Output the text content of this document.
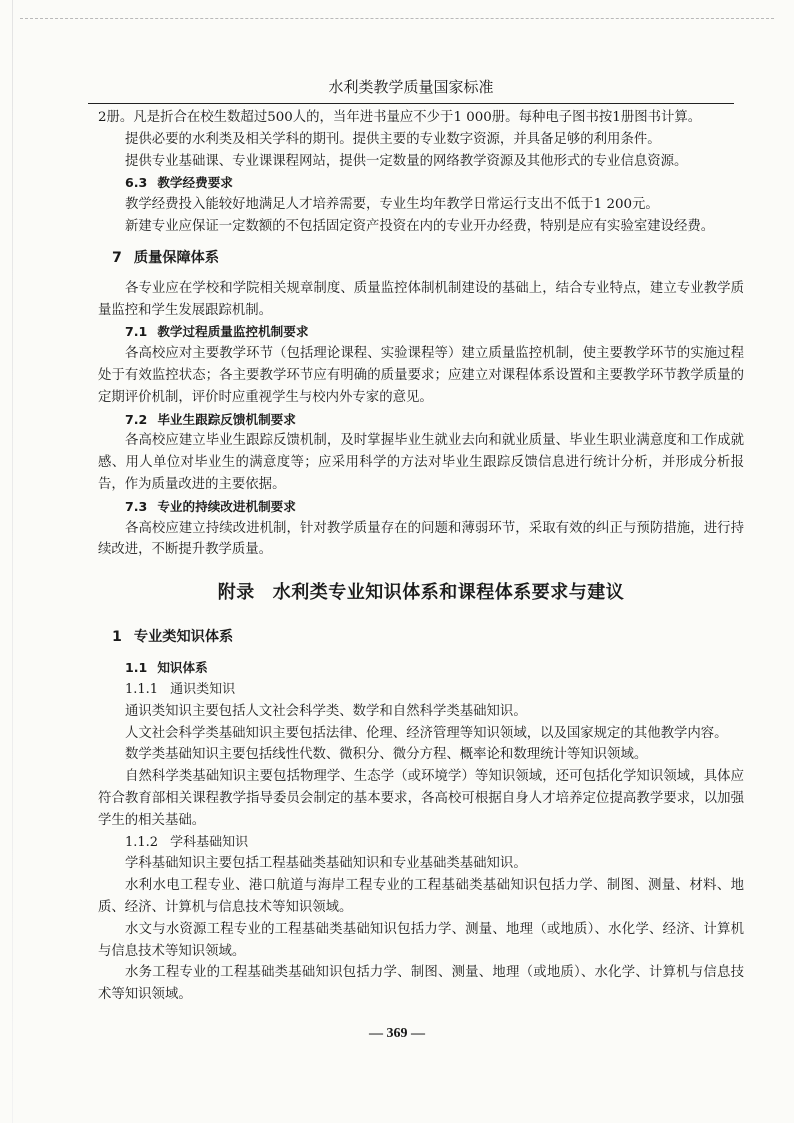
水利类教学质量国家标准

2册。凡是折合在校生数超过500人的，当年进书量应不少于1 000册。每种电子图书按1册图书计算。

提供必要的水利类及相关学科的期刊。提供主要的专业数字资源，并具备足够的利用条件。

提供专业基础课、专业课课程网站，提供一定数量的网络教学资源及其他形式的专业信息资源。

6.3 教学经费要求

教学经费投入能较好地满足人才培养需要，专业生均年教学日常运行支出不低于1 200元。

新建专业应保证一定数额的不包括固定资产投资在内的专业开办经费，特别是应有实验室建设经费。

7 质量保障体系

各专业应在学校和学院相关规章制度、质量监控体制机制建设的基础上，结合专业特点，建立专业教学质量监控和学生发展跟踪机制。

7.1 教学过程质量监控机制要求

各高校应对主要教学环节（包括理论课程、实验课程等）建立质量监控机制，使主要教学环节的实施过程处于有效监控状态；各主要教学环节应有明确的质量要求；应建立对课程体系设置和主要教学环节教学质量的定期评价机制，评价时应重视学生与校内外专家的意见。

7.2 毕业生跟踪反馈机制要求

各高校应建立毕业生跟踪反馈机制，及时掌握毕业生就业去向和就业质量、毕业生职业满意度和工作成就感、用人单位对毕业生的满意度等；应采用科学的方法对毕业生跟踪反馈信息进行统计分析，并形成分析报告，作为质量改进的主要依据。

7.3 专业的持续改进机制要求

各高校应建立持续改进机制，针对教学质量存在的问题和薄弱环节，采取有效的纠正与预防措施，进行持续改进，不断提升教学质量。

附录 水利类专业知识体系和课程体系要求与建议
1 专业类知识体系
1.1 知识体系
1.1.1 通识类知识

通识类知识主要包括人文社会科学类、数学和自然科学类基础知识。

人文社会科学类基础知识主要包括法律、伦理、经济管理等知识领域，以及国家规定的其他教学内容。

数学类基础知识主要包括线性代数、微积分、微分方程、概率论和数理统计等知识领域。

自然科学类基础知识主要包括物理学、生态学（或环境学）等知识领域，还可包括化学知识领域，具体应符合教育部相关课程教学指导委员会制定的基本要求，各高校可根据自身人才培养定位提高教学要求，以加强学生的相关基础。

1.1.2 学科基础知识

学科基础知识主要包括工程基础类基础知识和专业基础类基础知识。

水利水电工程专业、港口航道与海岸工程专业的工程基础类基础知识包括力学、制图、测量、材料、地质、经济、计算机与信息技术等知识领域。

水文与水资源工程专业的工程基础类基础知识包括力学、测量、地理（或地质）、水化学、经济、计算机与信息技术等知识领域。

水务工程专业的工程基础类基础知识包括力学、制图、测量、地理（或地质）、水化学、计算机与信息技术等知识领域。

— 369 —
